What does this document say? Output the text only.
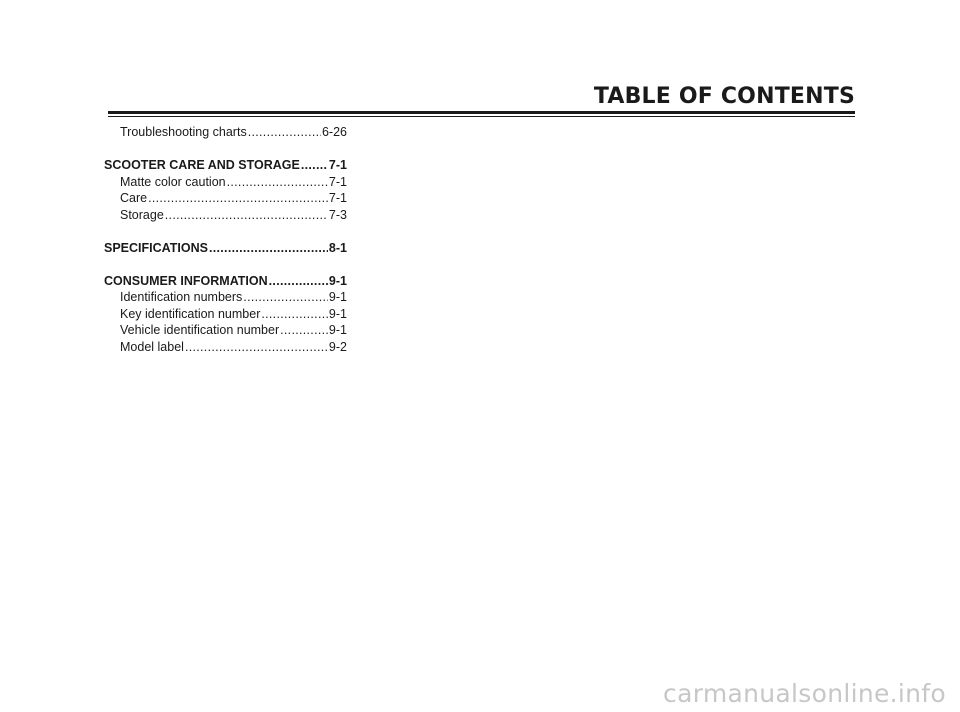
TABLE OF CONTENTS
Troubleshooting charts .....	6-26
SCOOTER CARE AND STORAGE ..... 7-1
Matte color caution .....	7-1
Care .....	7-1
Storage .....	7-3
SPECIFICATIONS .....	8-1
CONSUMER INFORMATION .....	9-1
Identification numbers .....	9-1
Key identification number .....	9-1
Vehicle identification number .....	9-1
Model label .....	9-2
carmanualsonline.info
